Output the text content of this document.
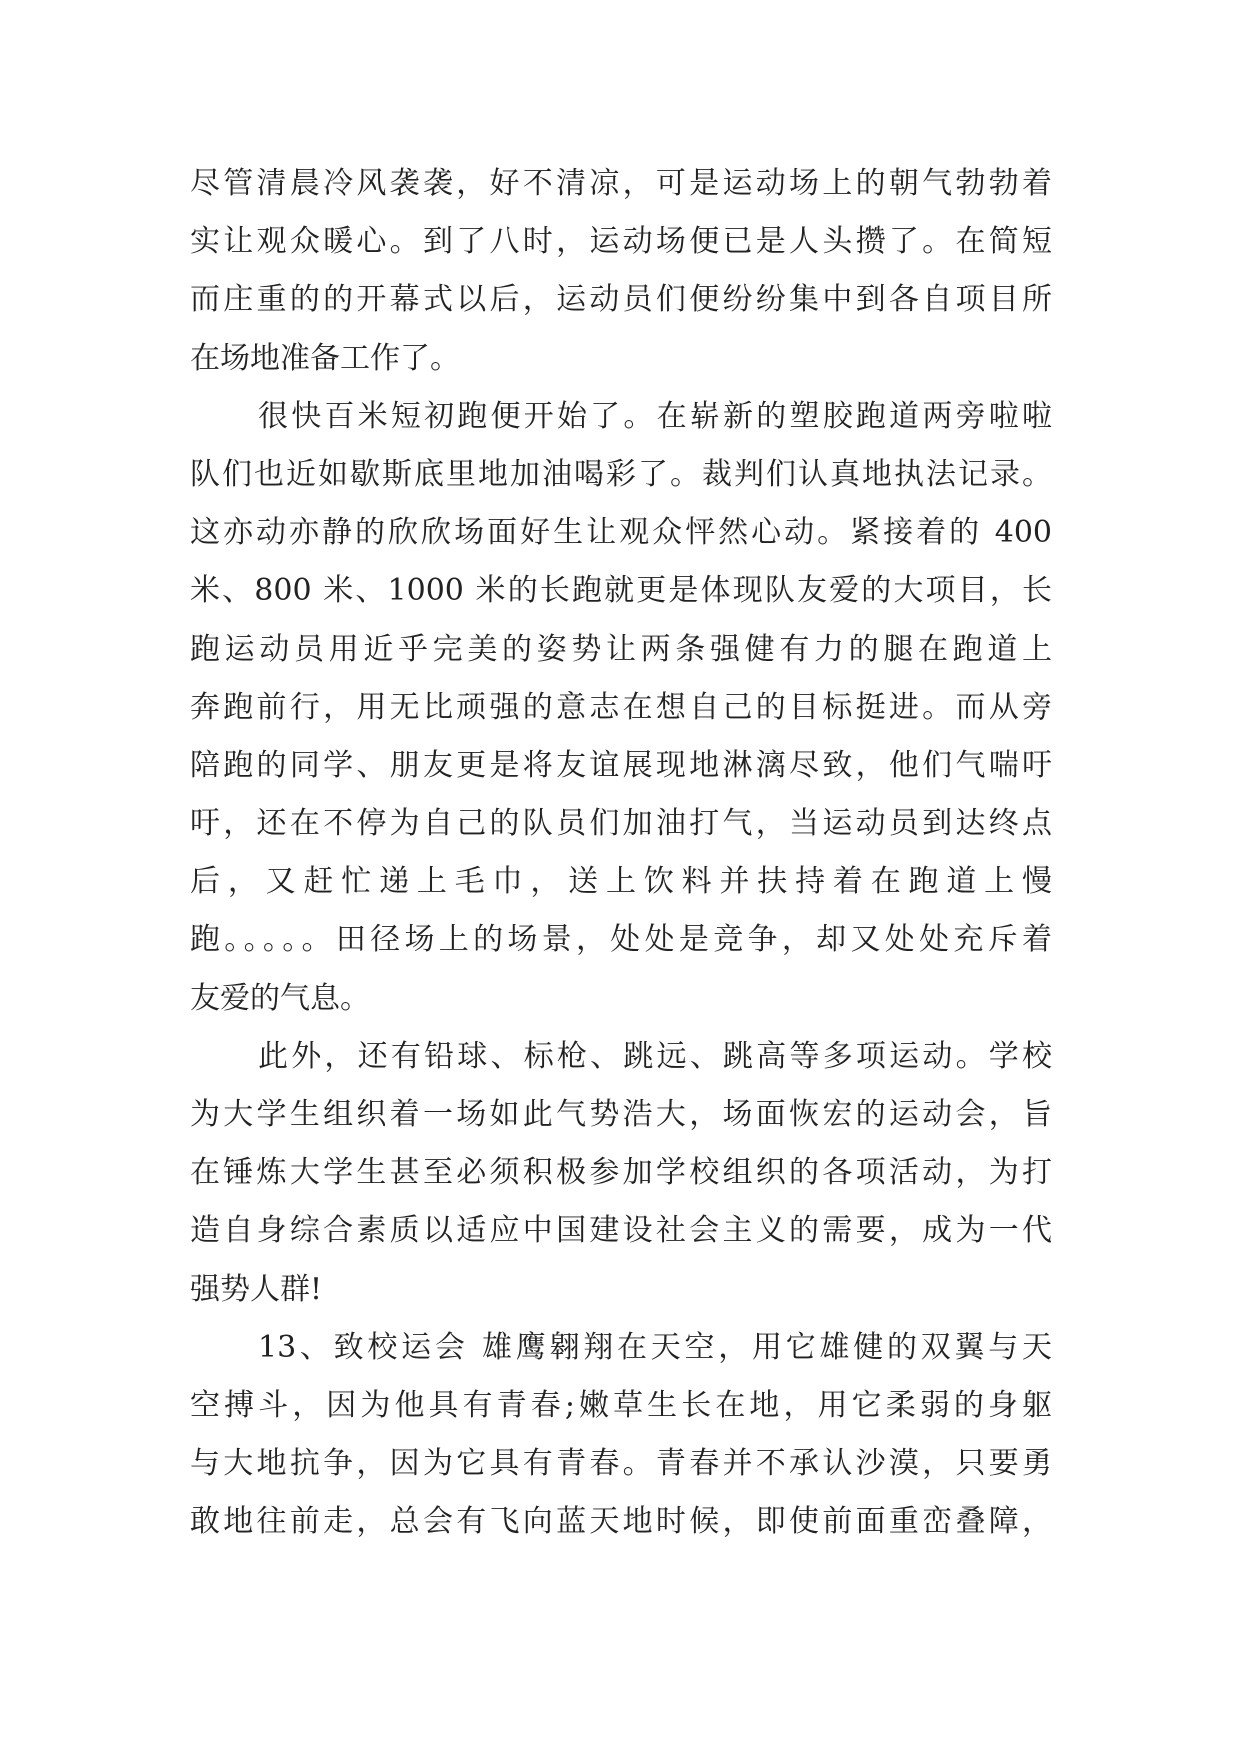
尽管清晨冷风袭袭，好不清凉，可是运动场上的朝气勃勃着
实让观众暖心。到了八时，运动场便已是人头攒了。在简短
而庄重的的开幕式以后，运动员们便纷纷集中到各自项目所
在场地准备工作了。
很快百米短初跑便开始了。在崭新的塑胶跑道两旁啦啦
队们也近如歇斯底里地加油喝彩了。裁判们认真地执法记录。
这亦动亦静的欣欣场面好生让观众怦然心动。紧接着的 400
米、800 米、1000 米的长跑就更是体现队友爱的大项目，长
跑运动员用近乎完美的姿势让两条强健有力的腿在跑道上
奔跑前行，用无比顽强的意志在想自己的目标挺进。而从旁
陪跑的同学、朋友更是将友谊展现地淋漓尽致，他们气喘吁
吁，还在不停为自己的队员们加油打气，当运动员到达终点
后，又赶忙递上毛巾，送上饮料并扶持着在跑道上慢
跑。。。。。田径场上的场景，处处是竞争，却又处处充斥着
友爱的气息。
此外，还有铅球、标枪、跳远、跳高等多项运动。学校
为大学生组织着一场如此气势浩大，场面恢宏的运动会，旨
在锤炼大学生甚至必须积极参加学校组织的各项活动，为打
造自身综合素质以适应中国建设社会主义的需要，成为一代
强势人群!
13、致校运会 雄鹰翱翔在天空，用它雄健的双翼与天
空搏斗，因为他具有青春;嫩草生长在地，用它柔弱的身躯
与大地抗争，因为它具有青春。青春并不承认沙漠，只要勇
敢地往前走，总会有飞向蓝天地时候，即使前面重峦叠障，
